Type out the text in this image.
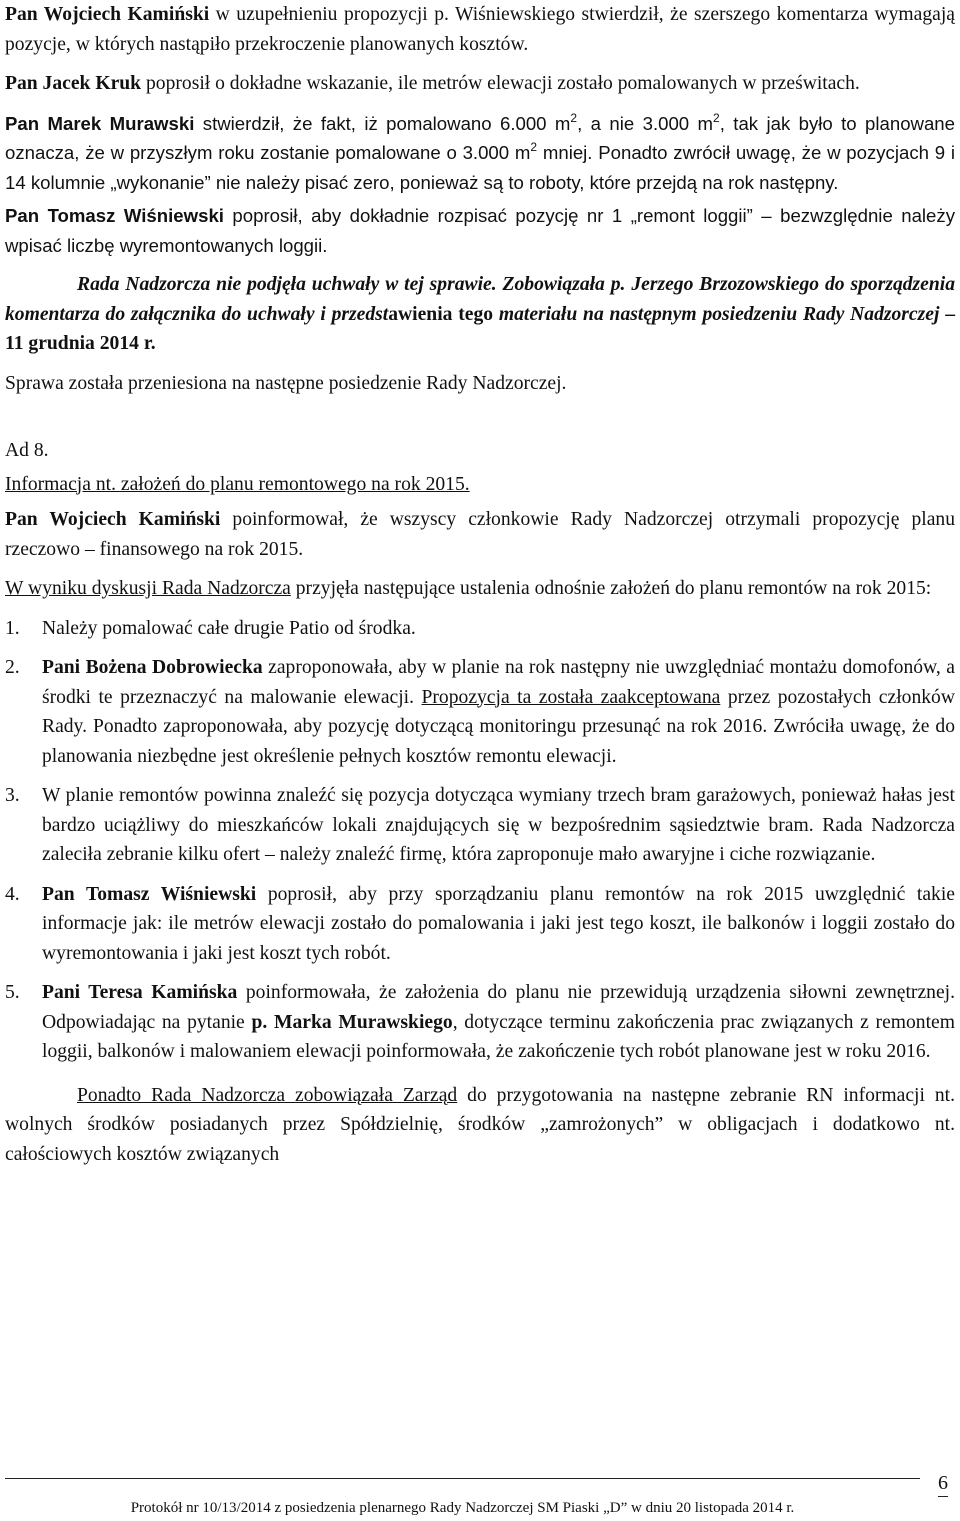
Pan Wojciech Kamiński w uzupełnieniu propozycji p. Wiśniewskiego stwierdził, że szerszego komentarza wymagają pozycje, w których nastąpiło przekroczenie planowanych kosztów.

Pan Jacek Kruk poprosił o dokładne wskazanie, ile metrów elewacji zostało pomalowanych w prześwitach.

Pan Marek Murawski stwierdził, że fakt, iż pomalowano 6.000 $m^2$, a nie 3.000 $m^2$, tak jak było to planowane oznacza, że w przyszłym roku zostanie pomalowane o 3.000 $m^2$ mniej. Ponadto zwrócił uwagę, że w pozycjach 9 i 14 kolumnie „wykonanie” nie należy pisać zero, ponieważ są to roboty, które przejdą na rok następny.

Pan Tomasz Wiśniewski poprosił, aby dokładnie rozpisać pozycję nr 1 „remont loggii” – bezwzględnie należy wpisać liczbę wyremontowanych loggii.

Rada Nadzorcza nie podjęła uchwały w tej sprawie. Zobowiązała p. Jerzego Brzozowskiego do sporządzenia komentarza do załącznika do uchwały i przedstawienia tego materiału na następnym posiedzeniu Rady Nadzorczej – 11 grudnia 2014 r.

Sprawa została przeniesiona na następne posiedzenie Rady Nadzorczej.

Ad 8.

Informacja nt. założeń do planu remontowego na rok 2015.

Pan Wojciech Kamiński poinformował, że wszyscy członkowie Rady Nadzorczej otrzymali propozycję planu rzeczowo – finansowego na rok 2015.

W wyniku dyskusji Rada Nadzorcza przyjęła następujące ustalenia odnośnie założeń do planu remontów na rok 2015:

1. Należy pomalować całe drugie Patio od środka.
2. Pani Bożena Dobrowiecka zaproponowała, aby w planie na rok następny nie uwzględniać montażu domofonów, a środki te przeznaczyć na malowanie elewacji. Propozycja ta została zaakceptowana przez pozostałych członków Rady. Ponadto zaproponowała, aby pozycję dotyczącą monitoringu przesunąć na rok 2016. Zwróciła uwagę, że do planowania niezbędne jest określenie pełnych kosztów remontu elewacji.
3. W planie remontów powinna znaleźć się pozycja dotycząca wymiany trzech bram garażowych, ponieważ hałas jest bardzo uciążliwy do mieszkańców lokali znajdujących się w bezpośrednim sąsiedztwie bram. Rada Nadzorcza zaleciła zebranie kilku ofert – należy znaleźć firmę, która zaproponuje mało awaryjne i ciche rozwiązanie.
4. Pan Tomasz Wiśniewski poprosił, aby przy sporządzaniu planu remontów na rok 2015 uwzględnić takie informacje jak: ile metrów elewacji zostało do pomalowania i jaki jest tego koszt, ile balkonów i loggii zostało do wyremontowania i jaki jest koszt tych robót.
5. Pani Teresa Kamińska poinformowała, że założenia do planu nie przewidują urządzenia siłowni zewnętrznej. Odpowiadając na pytanie p. Marka Murawskiego, dotyczące terminu zakończenia prac związanych z remontem loggii, balkonów i malowaniem elewacji poinformowała, że zakończenie tych robót planowane jest w roku 2016.

Ponadto Rada Nadzorcza zobowiązała Zarząd do przygotowania na następne zebranie RN informacji nt. wolnych środków posiadanych przez Spółdzielnię, środków „zamrożonych” w obligacjach i dodatkowo nt. całościowych kosztów związanych

Protokół nr 10/13/2014 z posiedzenia plenarnego Rady Nadzorczej SM Piaski „D” w dniu 20 listopada 2014 r.
6
